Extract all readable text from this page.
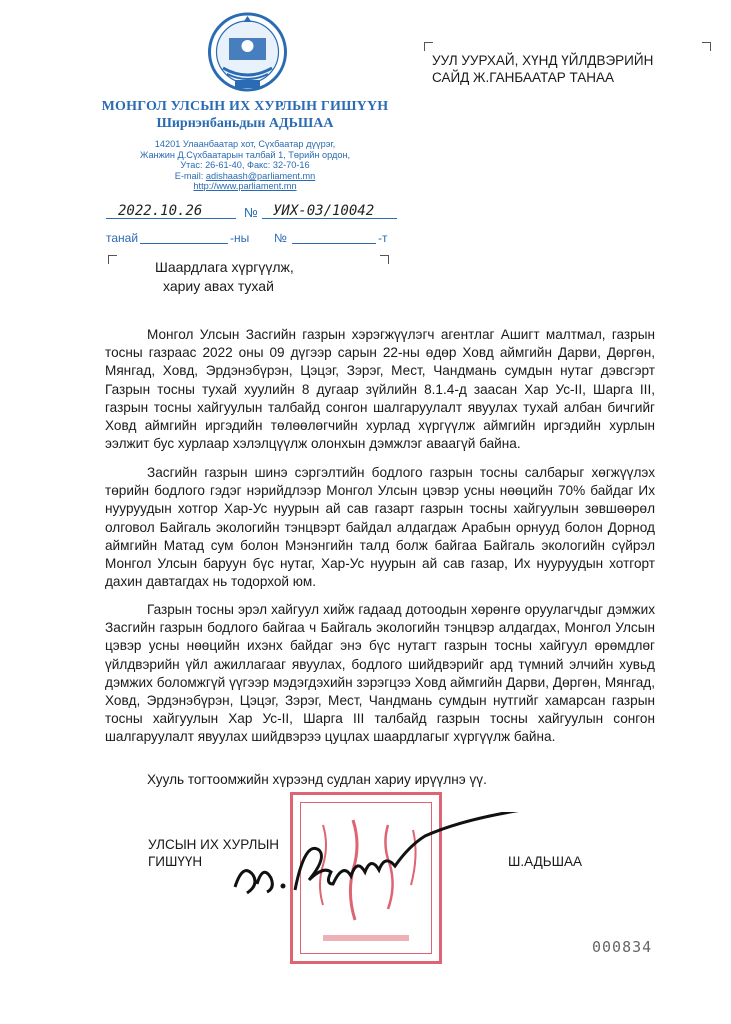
МОНГОЛ УЛСЫН ИХ ХУРЛЫН ГИШҮҮН
Ширнэнбаньдын АДЬШАА
14201 Улаанбаатар хот, Сүхбаатар дүүрэг,
Жанжин Д.Сүхбаатарын талбай 1, Төрийн ордон,
Утас: 26-61-40, Факс: 32-70-16
E-mail: adishaash@parliament.mn
http://www.parliament.mn
2022.10.26	№ УИХ-03/10042
танай	-ны №	-т
УУЛ УУРХАЙ, ХҮНД ҮЙЛДВЭРИЙН
САЙД Ж.ГАНБААТАР ТАНАА
Шаардлага хүргүүлж,
хариу авах тухай

Монгол Улсын Засгийн газрын хэрэгжүүлэгч агентлаг Ашигт малтмал, газрын тосны газраас 2022 оны 09 дүгээр сарын 22-ны өдөр Ховд аймгийн Дарви, Дөргөн, Мянгад, Ховд, Эрдэнэбүрэн, Цэцэг, Зэрэг, Мест, Чандмань сумдын нутаг дэвсгэрт Газрын тосны тухай хуулийн 8 дугаар зүйлийн 8.1.4-д заасан Хар Ус-II, Шарга III, газрын тосны хайгуулын талбайд сонгон шалгаруулалт явуулах тухай албан бичгийг Ховд аймгийн иргэдийн төлөөлөгчийн хурлад хүргүүлж аймгийн иргэдийн хурлын ээлжит бус хурлаар хэлэлцүүлж олонхын дэмжлэг аваагүй байна.

Засгийн газрын шинэ сэргэлтийн бодлого газрын тосны салбарыг хөгжүүлэх төрийн бодлого гэдэг нэрийдлээр Монгол Улсын цэвэр усны нөөцийн 70% байдаг Их нууруудын хотгор Хар-Ус нуурын ай сав газарт газрын тосны хайгуулын зөвшөөрөл олговол Байгаль экологийн тэнцвэрт байдал алдагдаж Арабын орнууд болон Дорнод аймгийн Матад сум болон Мэнэнгийн талд болж байгаа Байгаль экологийн сүйрэл Монгол Улсын баруун бүс нутаг, Хар-Ус нуурын ай сав газар, Их нууруудын хотгорт дахин давтагдах нь тодорхой юм.

Газрын тосны эрэл хайгуул хийж гадаад дотоодын хөрөнгө оруулагчдыг дэмжих Засгийн газрын бодлого байгаа ч Байгаль экологийн тэнцвэр алдагдах, Монгол Улсын цэвэр усны нөөцийн ихэнх байдаг энэ бүс нутагт газрын тосны хайгуул өрөмдлөг үйлдвэрийн үйл ажиллагааг явуулах, бодлого шийдвэрийг ард түмний элчийн хувьд дэмжих боломжгүй үүгээр мэдэгдэхийн зэрэгцээ Ховд аймгийн Дарви, Дөргөн, Мянгад, Ховд, Эрдэнэбүрэн, Цэцэг, Зэрэг, Мест, Чандмань сумдын нутгийг хамарсан газрын тосны хайгуулын Хар Ус-II, Шарга III талбайд газрын тосны хайгуулын сонгон шалгаруулалт явуулах шийдвэрээ цуцлах шаардлагыг хүргүүлж байна.

Хууль тогтоомжийн хүрээнд судлан хариу ирүүлнэ үү.

УЛСЫН ИХ ХУРЛЫН
ГИШҮҮН	Ш.АДЬШАА
000834
